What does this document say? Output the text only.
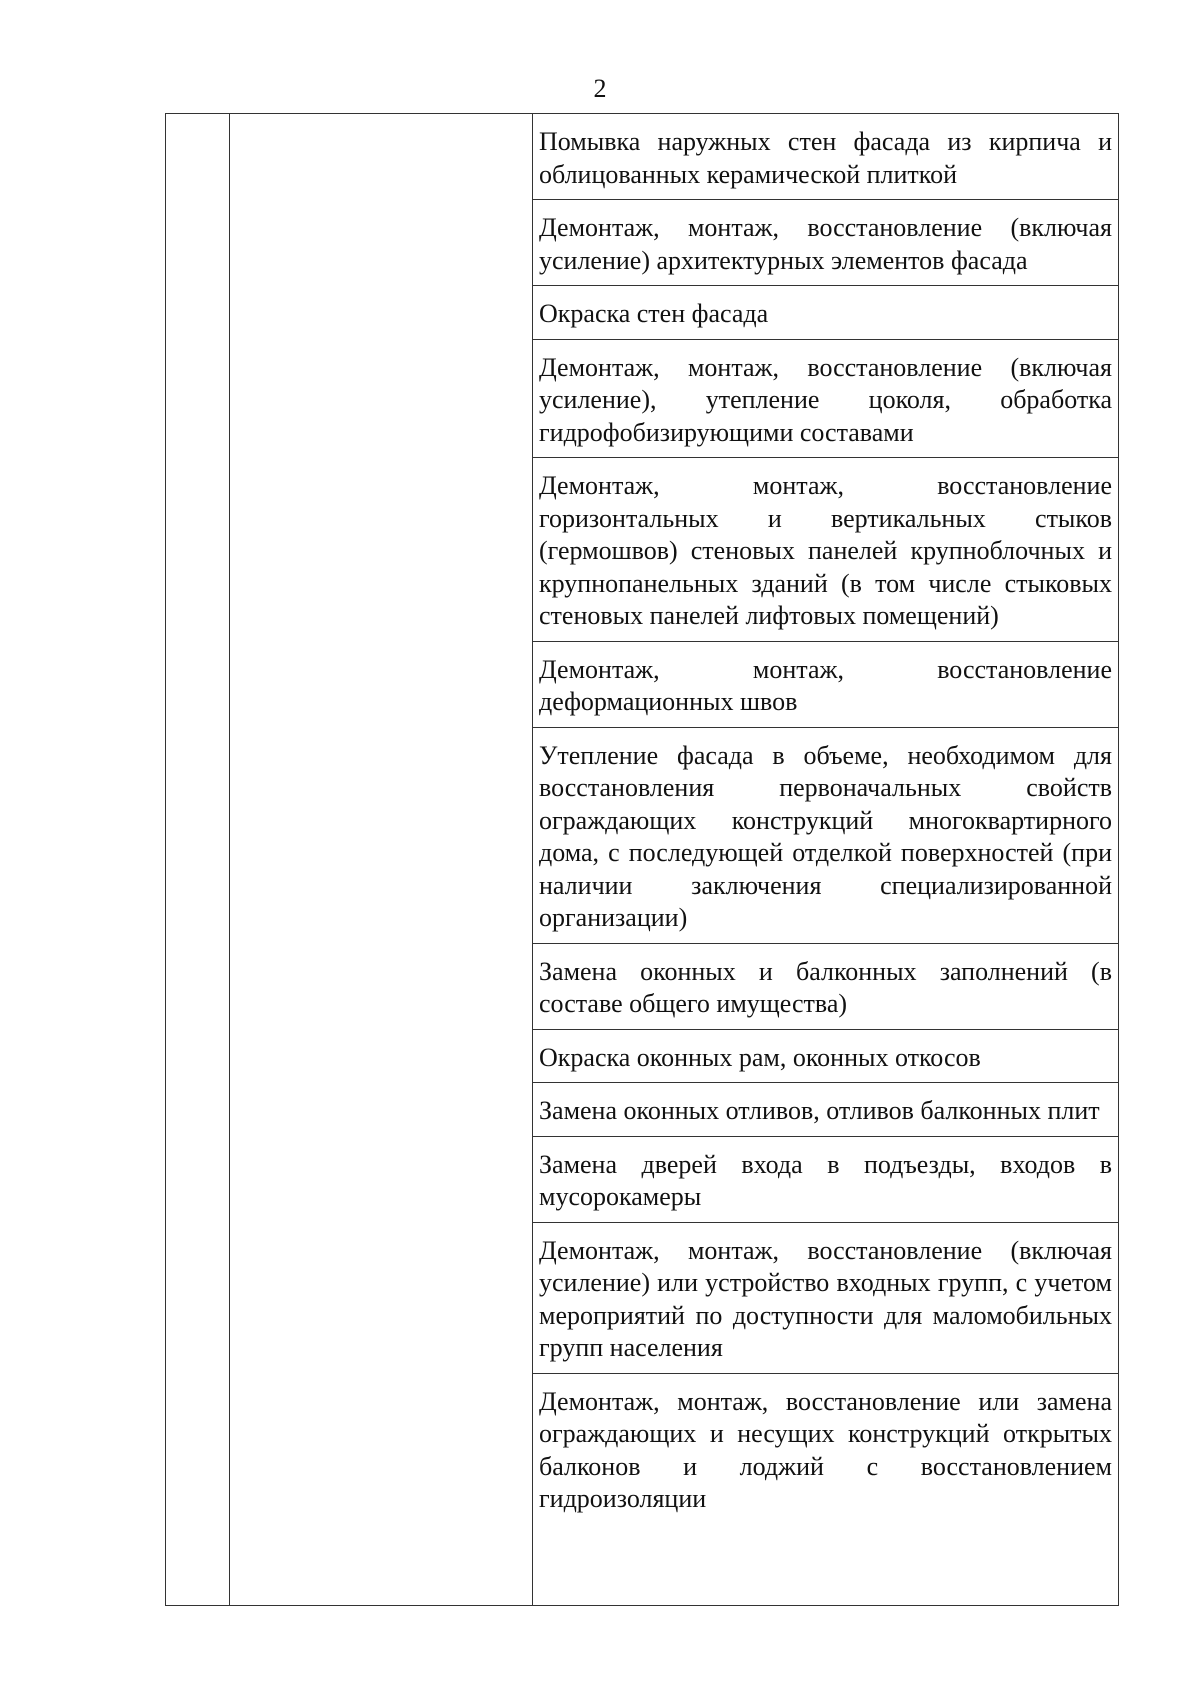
2
Помывка наружных стен фасада из кирпича и облицованных керамической плиткой
Демонтаж, монтаж, восстановление (включая усиление) архитектурных элементов фасада
Окраска стен фасада
Демонтаж, монтаж, восстановление (включая усиление), утепление цоколя, обработка гидрофобизирующими составами
Демонтаж, монтаж, восстановление горизонтальных и вертикальных стыков (гермошвов) стеновых панелей крупноблочных и крупнопанельных зданий (в том числе стыковых стеновых панелей лифтовых помещений)
Демонтаж, монтаж, восстановление деформационных швов
Утепление фасада в объеме, необходимом для восстановления первоначальных свойств ограждающих конструкций многоквартирного дома, с последующей отделкой поверхностей (при наличии заключения специализированной организации)
Замена оконных и балконных заполнений (в составе общего имущества)
Окраска оконных рам, оконных откосов
Замена оконных отливов, отливов балконных плит
Замена дверей входа в подъезды, входов в мусорокамеры
Демонтаж, монтаж, восстановление (включая усиление) или устройство входных групп, с учетом мероприятий по доступности для маломобильных групп населения
Демонтаж, монтаж, восстановление или замена ограждающих и несущих конструкций открытых балконов и лоджий с восстановлением гидроизоляции
